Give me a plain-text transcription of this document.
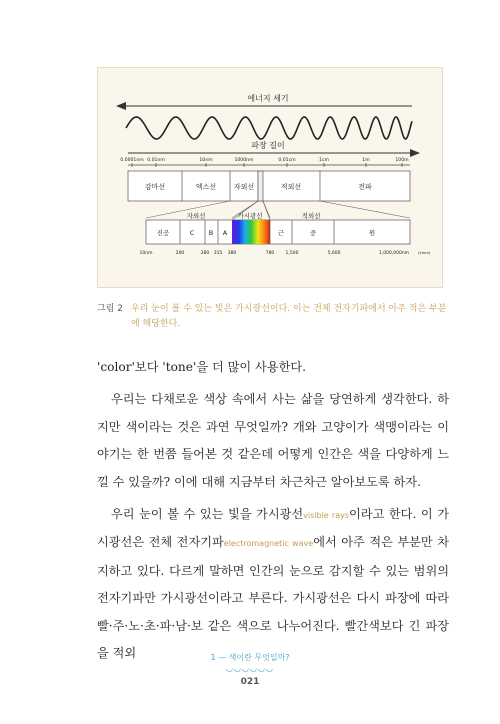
에너지 세기
파장 길이
0.0001nm 0.01nm	10nm	1000nm	0.01cm	1cm	1m	100m
감마선	엑스선	자외선	적외선	전파
자외선	가시광선	적외선
진공	C B A	근	중	원
10nm	200	280 315 380	780	1,500	5,600	1,000,000nm (1mm)
그림 2 우리 눈이 볼 수 있는 빛은 가시광선이다. 이는 전체 전자기파에서 아주 적은 부분에 해당한다.

'color'보다 'tone'을 더 많이 사용한다.

우리는 다채로운 색상 속에서 사는 삶을 당연하게 생각한다. 하지만 색이라는 것은 과연 무엇일까? 개와 고양이가 색맹이라는 이야기는 한 번쯤 들어본 것 같은데 어떻게 인간은 색을 다양하게 느낄 수 있을까? 이에 대해 지금부터 차근차근 알아보도록 하자.

우리 눈이 볼 수 있는 빛을 가시광선visible rays이라고 한다. 이 가시광선은 전체 전자기파electromagnetic wave에서 아주 적은 부분만 차지하고 있다. 다르게 말하면 인간의 눈으로 감지할 수 있는 범위의 전자기파만 가시광선이라고 부른다. 가시광선은 다시 파장에 따라 빨·주·노·초·파·남·보 같은 색으로 나누어진다. 빨간색보다 긴 파장을 적외	1 — 색이란 무엇일까?
◡◡◡◡◡◡
021
